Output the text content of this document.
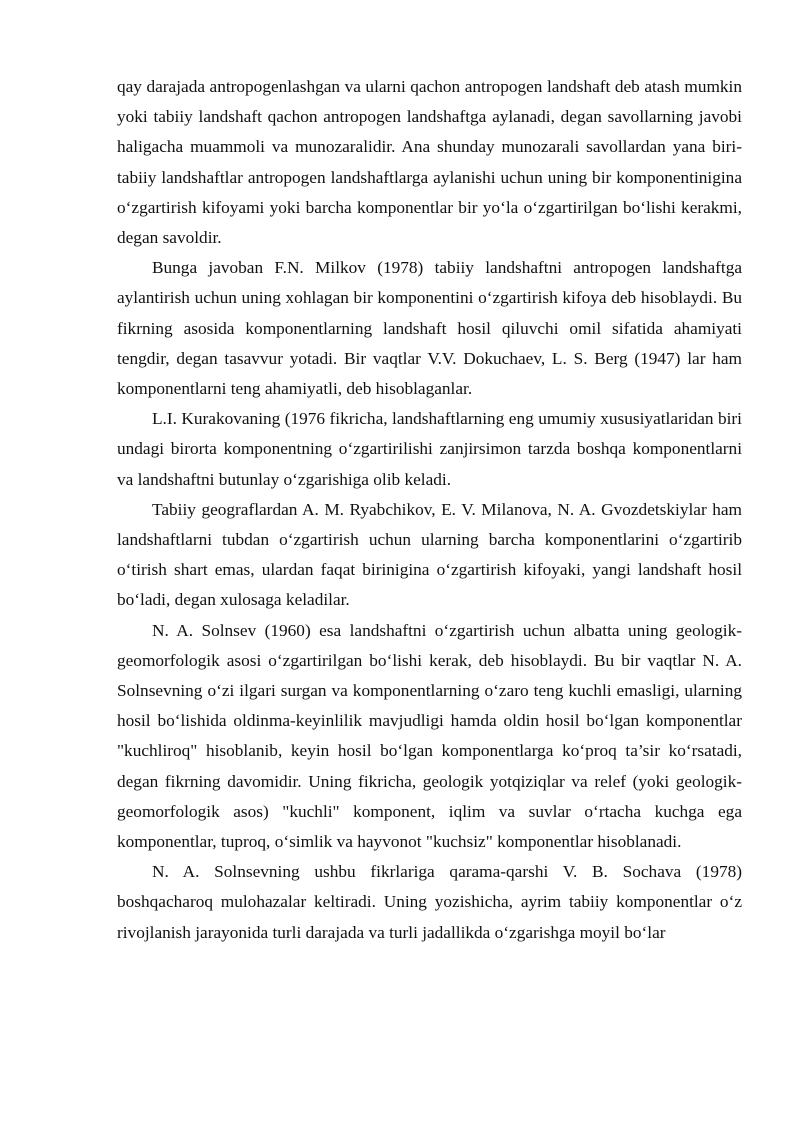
qay darajada antropogenlashgan va ularni qachon antropogen landshaft deb atash mumkin yoki tabiiy landshaft qachon antropogen landshaftga aylanadi, degan savollarning javobi haligacha muammoli va munozaralidir. Ana shunday munozarali savollardan yana biri-tabiiy landshaftlar antropogen landshaftlarga aylanishi uchun uning bir komponentinigina o‘zgartirish kifoyami yoki barcha komponentlar bir yo‘la o‘zgartirilgan bo‘lishi kerakmi, degan savoldir.

Bunga javoban F.N. Milkov (1978) tabiiy landshaftni antropogen landshaftga aylantirish uchun uning xohlagan bir komponentini o‘zgartirish kifoya deb hisoblaydi. Bu fikrning asosida komponentlarning landshaft hosil qiluvchi omil sifatida ahamiyati tengdir, degan tasavvur yotadi. Bir vaqtlar V.V. Dokuchaev, L. S. Berg (1947) lar ham komponentlarni teng ahamiyatli, deb hisoblaganlar.

L.I. Kurakovaning (1976 fikricha, landshaftlarning eng umumiy xususiyatlaridan biri undagi birorta komponentning o‘zgartirilishi zanjirsimon tarzda boshqa komponentlarni va landshaftni butunlay o‘zgarishiga olib keladi.

Tabiiy geograflardan A. M. Ryabchikov, E. V. Milanova, N. A. Gvozdetskiylar ham landshaftlarni tubdan o‘zgartirish uchun ularning barcha komponentlarini o‘zgartirib o‘tirish shart emas, ulardan faqat birinigina o‘zgartirish kifoyaki, yangi landshaft hosil bo‘ladi, degan xulosaga keladilar.

N. A. Solnsev (1960) esa landshaftni o‘zgartirish uchun albatta uning geologik-geomorfologik asosi o‘zgartirilgan bo‘lishi kerak, deb hisoblaydi. Bu bir vaqtlar N. A. Solnsevning o‘zi ilgari surgan va komponentlarning o‘zaro teng kuchli emasligi, ularning hosil bo‘lishida oldinma-keyinlilik mavjudligi hamda oldin hosil bo‘lgan komponentlar "kuchliroq" hisoblanib, keyin hosil bo‘lgan komponentlarga ko‘proq ta’sir ko‘rsatadi, degan fikrning davomidir. Uning fikricha, geologik yotqiziqlar va relef (yoki geologik-geomorfologik asos) "kuchli" komponent, iqlim va suvlar o‘rtacha kuchga ega komponentlar, tuproq, o‘simlik va hayvonot "kuchsiz" komponentlar hisoblanadi.

N. A. Solnsevning ushbu fikrlariga qarama-qarshi V. B. Sochava (1978) boshqacharoq mulohazalar keltiradi. Uning yozishicha, ayrim tabiiy komponentlar o‘z rivojlanish jarayonida turli darajada va turli jadallikda o‘zgarishga moyil bo‘lar
